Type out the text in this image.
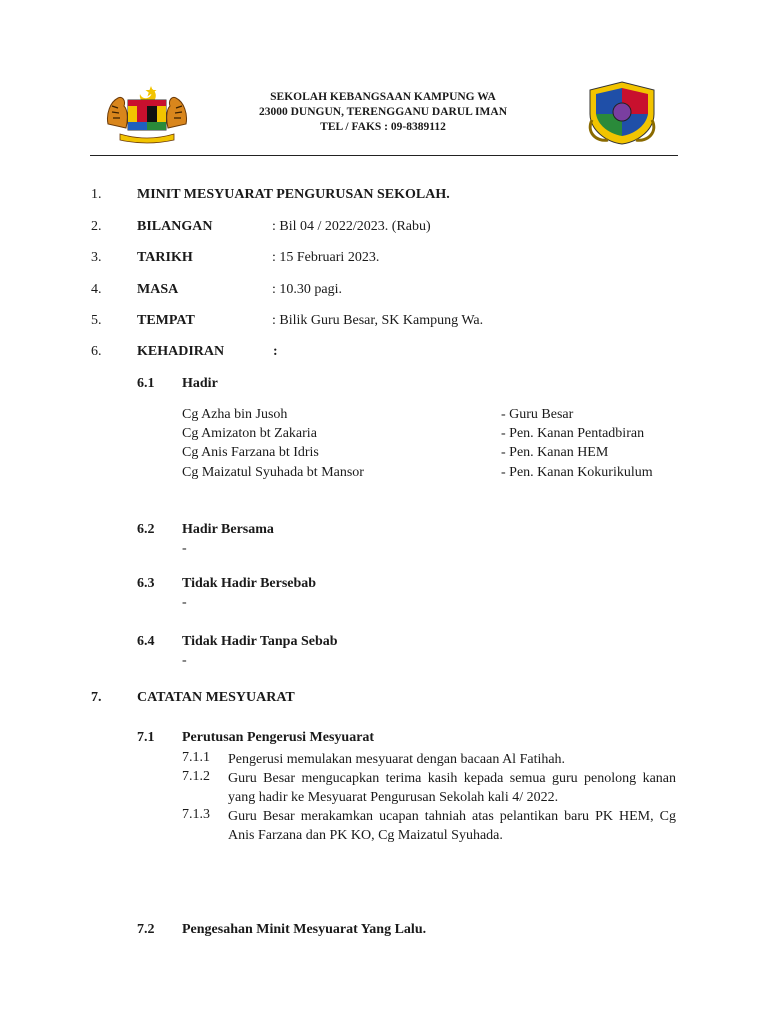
SEKOLAH KEBANGSAAN KAMPUNG WA
23000 DUNGUN, TERENGGANU DARUL IMAN
TEL / FAKS : 09-8389112
1.	MINIT MESYUARAT PENGURUSAN SEKOLAH.
2.	BILANGAN	: Bil 04 / 2022/2023. (Rabu)
3.	TARIKH	: 15 Februari 2023.
4.	MASA	: 10.30 pagi.
5.	TEMPAT	: Bilik Guru Besar, SK Kampung Wa.
6.	KEHADIRAN	:
6.1 Hadir
Cg Azha bin Jusoh	- Guru Besar
Cg Amizaton bt Zakaria	- Pen. Kanan Pentadbiran
Cg Anis Farzana bt Idris	- Pen. Kanan HEM
Cg Maizatul Syuhada bt Mansor	- Pen. Kanan Kokurikulum
6.2 Hadir Bersama
-
6.3 Tidak Hadir Bersebab
-
6.4 Tidak Hadir Tanpa Sebab
-
7.	CATATAN MESYUARAT
7.1 Perutusan Pengerusi Mesyuarat
7.1.1 Pengerusi memulakan mesyuarat dengan bacaan Al Fatihah.
7.1.2 Guru Besar mengucapkan terima kasih kepada semua guru penolong kanan yang hadir ke Mesyuarat Pengurusan Sekolah kali 4/ 2022.
7.1.3 Guru Besar merakamkan ucapan tahniah atas pelantikan baru PK HEM, Cg Anis Farzana dan PK KO, Cg Maizatul Syuhada.
7.2 Pengesahan Minit Mesyuarat Yang Lalu.
